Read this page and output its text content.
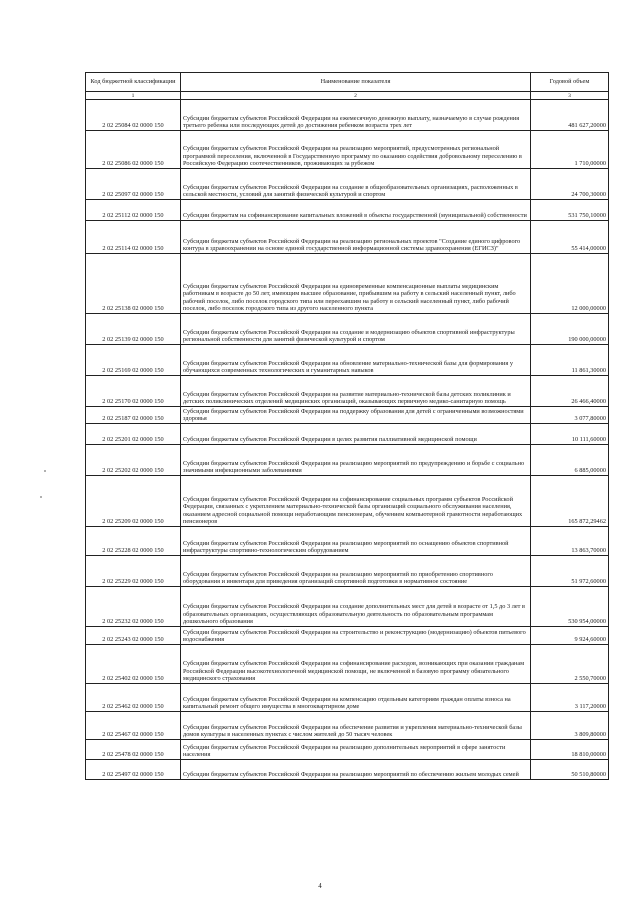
Код бюджетной классификации	Наименование показателя	Годовой объем
1	2	3
2 02 25084 02 0000 150	Субсидии бюджетам субъектов Российской Федерации на ежемесячную денежную выплату, назначаемую в случае рождения третьего ребенка или последующих детей до достижения ребенком возраста трех лет	481 627,20000
2 02 25086 02 0000 150	Субсидии бюджетам субъектов Российской Федерации на реализацию мероприятий, предусмотренных региональной программой переселения, включенной в Государственную программу по оказанию содействия добровольному переселению в Российскую Федерацию соотечественников, проживающих за рубежом	1 710,00000
2 02 25097 02 0000 150	Субсидии бюджетам субъектов Российской Федерации на создание в общеобразовательных организациях, расположенных в сельской местности, условий для занятий физической культурой и спортом	24 700,30000
2 02 25112 02 0000 150	Субсидии бюджетам на софинансирование капитальных вложений в объекты государственной (муниципальной) собственности	531 750,10000
2 02 25114 02 0000 150	Субсидии бюджетам субъектов Российской Федерации на реализацию региональных проектов "Создание единого цифрового контура в здравоохранении на основе единой государственной информационной системы здравоохранения (ЕГИСЗ)"	55 414,00000
2 02 25138 02 0000 150	Субсидии бюджетам субъектов Российской Федерации на единовременные компенсационные выплаты медицинским работникам в возрасте до 50 лет, имеющим высшее образование, прибывшим на работу в сельский населенный пункт, либо рабочий поселок, либо поселок городского типа или переехавшим на работу в сельский населенный пункт, либо рабочий поселок, либо поселок городского типа из другого населенного пункта	12 000,00000
2 02 25139 02 0000 150	Субсидии бюджетам субъектов Российской Федерации на создание и модернизацию объектов спортивной инфраструктуры региональной собственности для занятий физической культурой и спортом	190 000,00000
2 02 25169 02 0000 150	Субсидии бюджетам субъектов Российской Федерации на обновление материально-технической базы для формирования у обучающихся современных технологических и гуманитарных навыков	11 861,30000
2 02 25170 02 0000 150	Субсидии бюджетам субъектов Российской Федерации на развитие материально-технической базы детских поликлиник и детских поликлинических отделений медицинских организаций, оказывающих первичную медико-санитарную помощь	26 466,40000
2 02 25187 02 0000 150	Субсидии бюджетам субъектов Российской Федерации на поддержку образования для детей с ограниченными возможностями здоровья	3 077,80000
2 02 25201 02 0000 150	Субсидии бюджетам субъектов Российской Федерации в целях развития паллиативной медицинской помощи	10 111,60000
2 02 25202 02 0000 150	Субсидии бюджетам субъектов Российской Федерации на реализацию мероприятий по предупреждению и борьбе с социально значимыми инфекционными заболеваниями	6 885,00000
2 02 25209 02 0000 150	Субсидии бюджетам субъектов Российской Федерации на софинансирование социальных программ субъектов Российской Федерации, связанных с укреплением материально-технической базы организаций социального обслуживания населения, оказанием адресной социальной помощи неработающим пенсионерам, обучением компьютерной грамотности неработающих пенсионеров	165 872,29462
2 02 25228 02 0000 150	Субсидии бюджетам субъектов Российской Федерации на реализацию мероприятий по оснащению объектов спортивной инфраструктуры спортивно-технологическим оборудованием	13 863,70000
2 02 25229 02 0000 150	Субсидии бюджетам субъектов Российской Федерации на реализацию мероприятий по приобретению спортивного оборудования и инвентаря для приведения организаций спортивной подготовки в нормативное состояние	51 972,60000
2 02 25232 02 0000 150	Субсидии бюджетам субъектов Российской Федерации на создание дополнительных мест для детей в возрасте от 1,5 до 3 лет в образовательных организациях, осуществляющих образовательную деятельность по образовательным программам дошкольного образования	530 954,00000
2 02 25243 02 0000 150	Субсидии бюджетам субъектов Российской Федерации на строительство и реконструкцию (модернизацию) объектов питьевого водоснабжения	9 924,60000
2 02 25402 02 0000 150	Субсидии бюджетам субъектов Российской Федерации на софинансирование расходов, возникающих при оказании гражданам Российской Федерации высокотехнологичной медицинской помощи, не включенной в базовую программу обязательного медицинского страхования	2 550,70000
2 02 25462 02 0000 150	Субсидии бюджетам субъектов Российской Федерации на компенсацию отдельным категориям граждан оплаты взноса на капитальный ремонт общего имущества в многоквартирном доме	3 117,20000
2 02 25467 02 0000 150	Субсидии бюджетам субъектов Российской Федерации на обеспечение развития и укрепления материально-технической базы домов культуры в населенных пунктах с числом жителей до 50 тысяч человек	3 809,80000
2 02 25478 02 0000 150	Субсидии бюджетам субъектов Российской Федерации на реализацию дополнительных мероприятий в сфере занятости населения	18 810,00000
2 02 25497 02 0000 150	Субсидии бюджетам субъектов Российской Федерации на реализацию мероприятий по обеспечению жильем молодых семей	50 510,80000
4
